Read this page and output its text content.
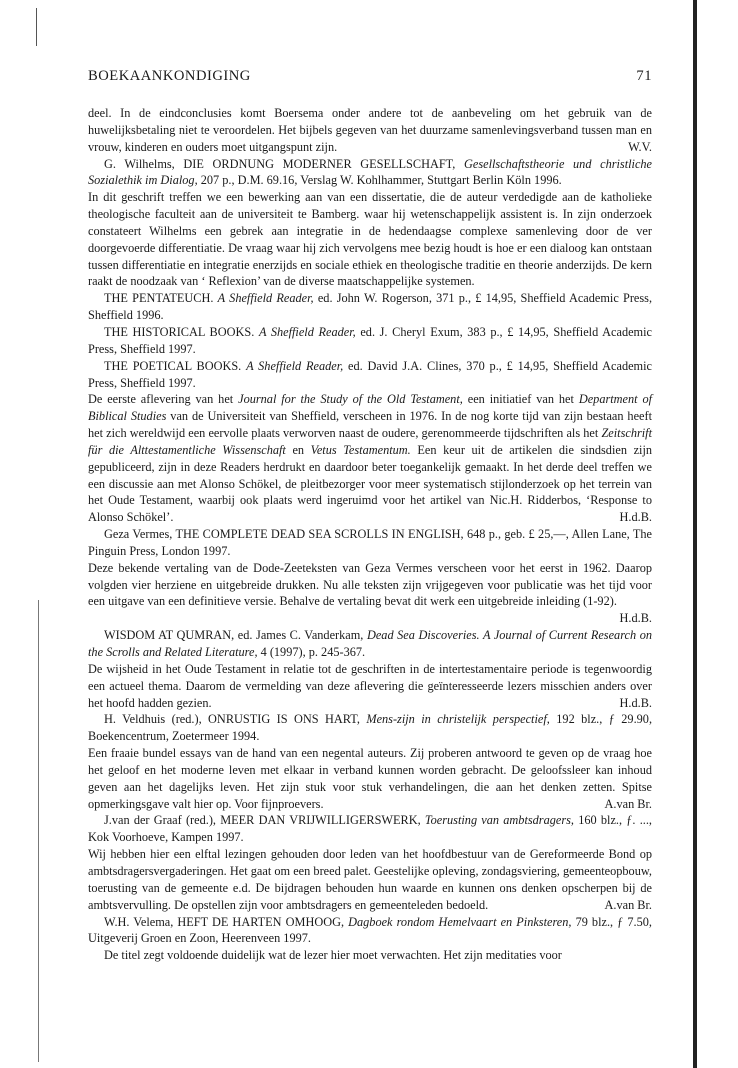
BOEKAANKONDIGING	71

deel. In de eindconclusies komt Boersema onder andere tot de aanbeveling om het gebruik van de huwelijksbetaling niet te veroordelen. Het bijbels gegeven van het duurzame samenlevingsverband tussen man en vrouw, kinderen en ouders moet uitgangspunt zijn.	W.V.

G. Wilhelms, DIE ORDNUNG MODERNER GESELLSCHAFT, Gesellschaftstheorie und christliche Sozialethik im Dialog, 207 p., D.M. 69.16, Verslag W. Kohlhammer, Stuttgart Berlin Köln 1996.

In dit geschrift treffen we een bewerking aan van een dissertatie, die de auteur verdedigde aan de katholieke theologische faculteit aan de universiteit te Bamberg. waar hij wetenschappelijk assistent is. In zijn onderzoek constateert Wilhelms een gebrek aan integratie in de hedendaagse complexe samenleving door de ver doorgevoerde differentiatie. De vraag waar hij zich vervolgens mee bezig houdt is hoe er een dialoog kan ontstaan tussen differentiatie en integratie enerzijds en sociale ethiek en theologische traditie en theorie anderzijds. De kern raakt de noodzaak van ‘ Reflexion’ van de diverse maatschappelijke systemen.

THE PENTATEUCH. A Sheffield Reader, ed. John W. Rogerson, 371 p., £ 14,95, Sheffield Academic Press, Sheffield 1996.

THE HISTORICAL BOOKS. A Sheffield Reader, ed. J. Cheryl Exum, 383 p., £ 14,95, Sheffield Academic Press, Sheffield 1997.

THE POETICAL BOOKS. A Sheffield Reader, ed. David J.A. Clines, 370 p., £ 14,95, Sheffield Academic Press, Sheffield 1997.

De eerste aflevering van het Journal for the Study of the Old Testament, een initiatief van het Department of Biblical Studies van de Universiteit van Sheffield, verscheen in 1976. In de nog korte tijd van zijn bestaan heeft het zich wereldwijd een eervolle plaats verworven naast de oudere, gerenommeerde tijdschriften als het Zeitschrift für die Alttestamentliche Wissenschaft en Vetus Testamentum. Een keur uit de artikelen die sindsdien zijn gepubliceerd, zijn in deze Readers herdrukt en daardoor beter toegankelijk gemaakt. In het derde deel treffen we een discussie aan met Alonso Schökel, de pleitbezorger voor meer systematisch stijlonderzoek op het terrein van het Oude Testament, waarbij ook plaats werd ingeruimd voor het artikel van Nic.H. Ridderbos, ‘Response to Alonso Schökel’.	H.d.B.

Geza Vermes, THE COMPLETE DEAD SEA SCROLLS IN ENGLISH, 648 p., geb. £ 25,—, Allen Lane, The Pinguin Press, London 1997.

Deze bekende vertaling van de Dode-Zeeteksten van Geza Vermes verscheen voor het eerst in 1962. Daarop volgden vier herziene en uitgebreide drukken. Nu alle teksten zijn vrijgegeven voor publicatie was het tijd voor een uitgave van een definitieve versie. Behalve de vertaling bevat dit werk een uitgebreide inleiding (1-92).
H.d.B.

WISDOM AT QUMRAN, ed. James C. Vanderkam, Dead Sea Discoveries. A Journal of Current Research on the Scrolls and Related Literature, 4 (1997), p. 245-367.

De wijsheid in het Oude Testament in relatie tot de geschriften in de intertestamentaire periode is tegenwoordig een actueel thema. Daarom de vermelding van deze aflevering die geïnteresseerde lezers misschien anders over het hoofd hadden gezien.	H.d.B.

H. Veldhuis (red.), ONRUSTIG IS ONS HART, Mens-zijn in christelijk perspectief, 192 blz., ƒ 29.90, Boekencentrum, Zoetermeer 1994.

Een fraaie bundel essays van de hand van een negental auteurs. Zij proberen antwoord te geven op de vraag hoe het geloof en het moderne leven met elkaar in verband kunnen worden gebracht. De geloofssleer kan inhoud geven aan het dagelijks leven. Het zijn stuk voor stuk verhandelingen, die aan het denken zetten. Spitse opmerkingsgave valt hier op. Voor fijnproevers.	A.van Br.

J.van der Graaf (red.), MEER DAN VRIJWILLIGERSWERK, Toerusting van ambtsdragers, 160 blz., ƒ. ..., Kok Voorhoeve, Kampen 1997.

Wij hebben hier een elftal lezingen gehouden door leden van het hoofdbestuur van de Gereformeerde Bond op ambtsdragersvergaderingen. Het gaat om een breed palet. Geestelijke opleving, zondagsviering, gemeenteopbouw, toerusting van de gemeente e.d. De bijdragen behouden hun waarde en kunnen ons denken opscherpen bij de ambtsvervulling. De opstellen zijn voor ambtsdragers en gemeenteleden bedoeld.	A.van Br.

W.H. Velema, HEFT DE HARTEN OMHOOG, Dagboek rondom Hemelvaart en Pinksteren, 79 blz., ƒ 7.50, Uitgeverij Groen en Zoon, Heerenveen 1997.

De titel zegt voldoende duidelijk wat de lezer hier moet verwachten. Het zijn meditaties voor
